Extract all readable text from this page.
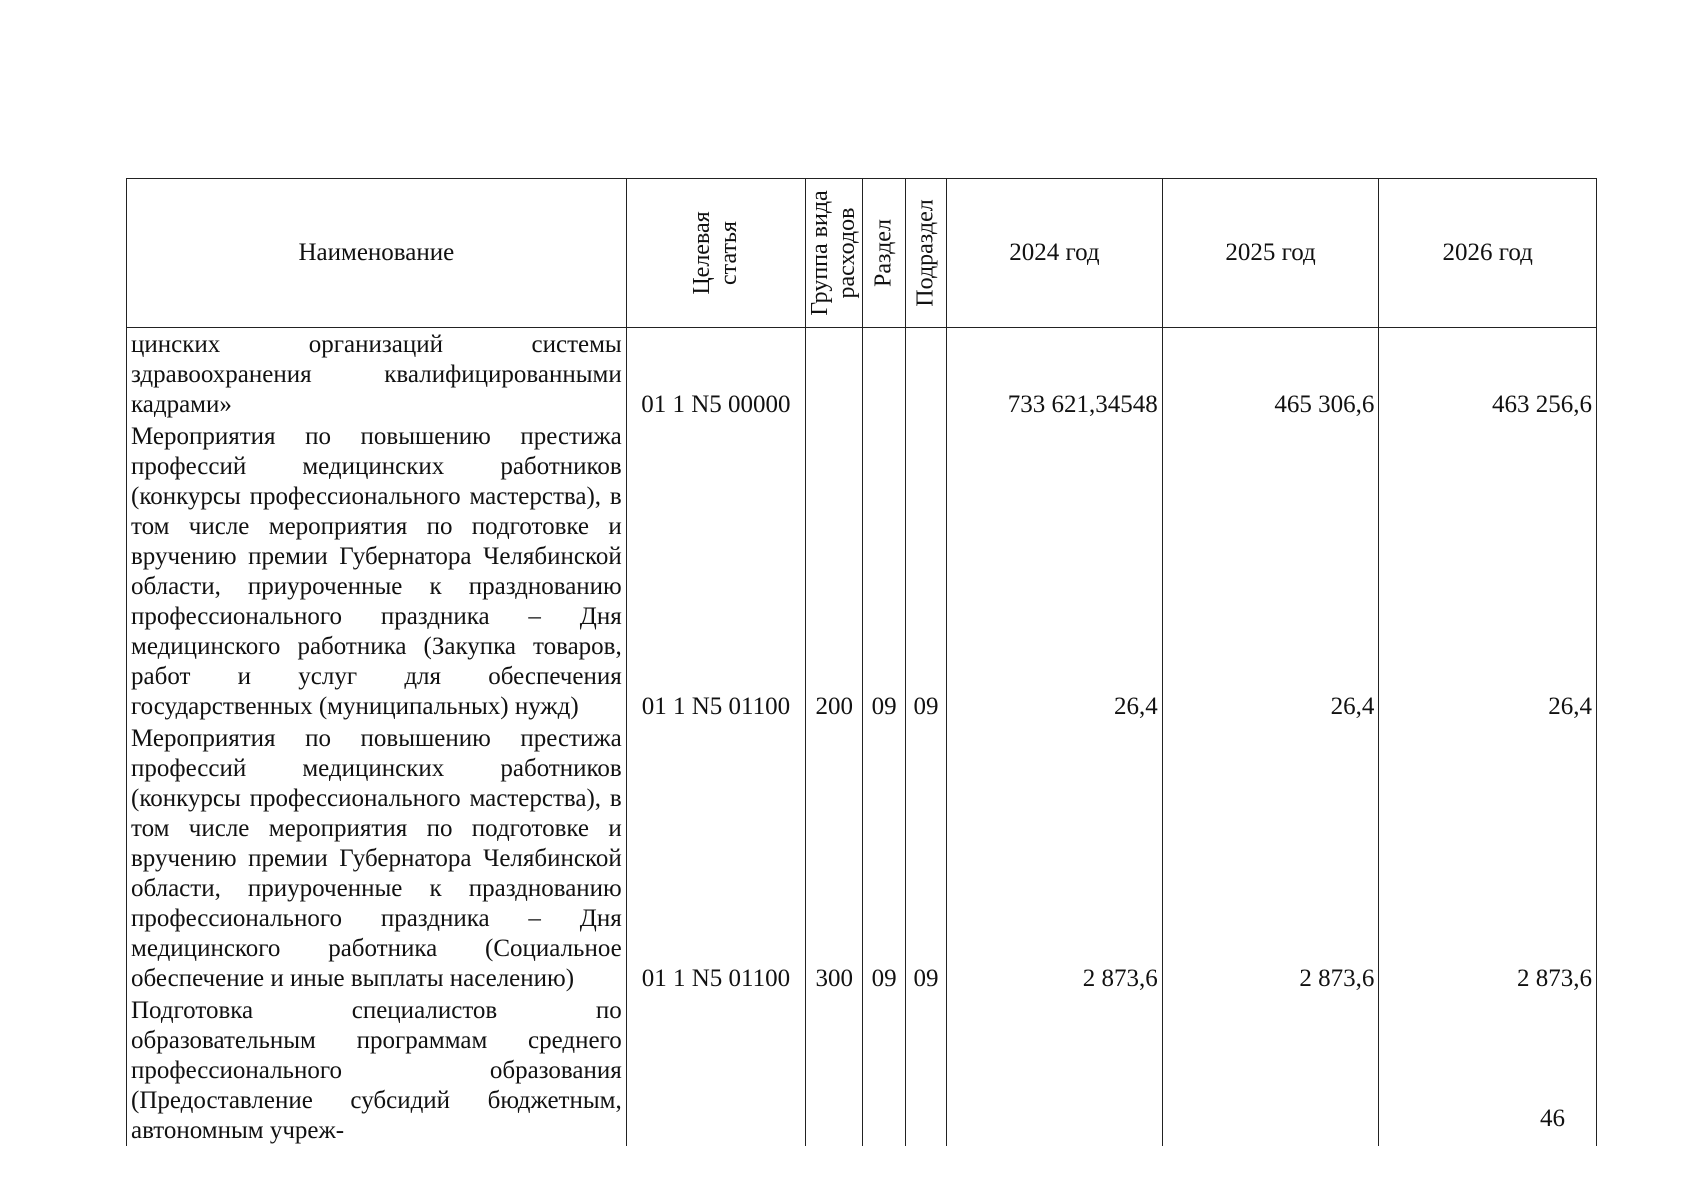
Наименование	Целевая статья	Группа вида расходов	Раздел	Подраздел	2024 год	2025 год	2026 год
цинских организаций системы здравоохранения квалифицированными кадрами»	01 1 N5 00000				733 621,34548	465 306,6	463 256,6
Мероприятия по повышению престижа профессий медицинских работников (конкурсы профессионального мастерства), в том числе мероприятия по подготовке и вручению премии Губернатора Челябинской области, приуроченные к празднованию профессионального праздника – Дня медицинского работника (Закупка товаров, работ и услуг для обеспечения государственных (муниципальных) нужд)	01 1 N5 01100	200	09	09	26,4	26,4	26,4
Мероприятия по повышению престижа профессий медицинских работников (конкурсы профессионального мастерства), в том числе мероприятия по подготовке и вручению премии Губернатора Челябинской области, приуроченные к празднованию профессионального праздника – Дня медицинского работника (Социальное обеспечение и иные выплаты населению)	01 1 N5 01100	300	09	09	2 873,6	2 873,6	2 873,6
Подготовка специалистов по образовательным программам среднего профессионального образования (Предоставление субсидий бюджетным, автономным учреж-								46
